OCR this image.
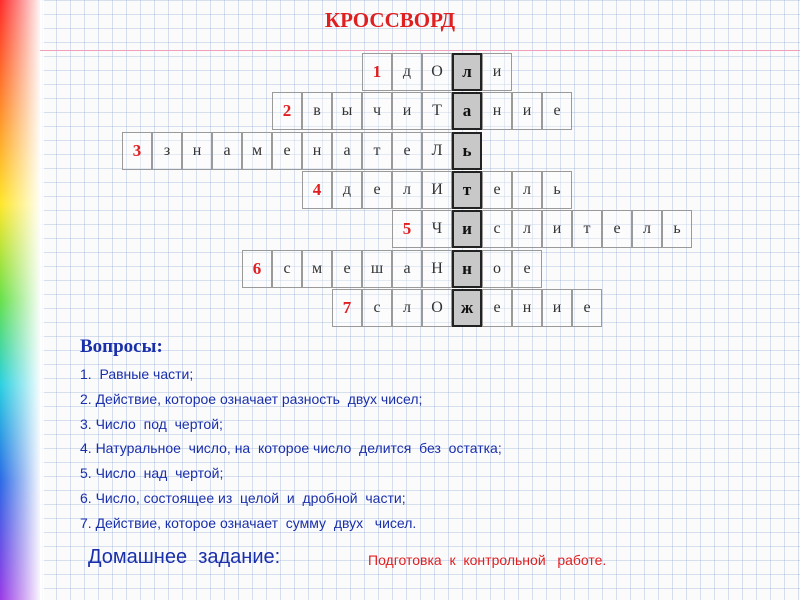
КРОССВОРД
1	д	О	л	и
2	в	ы	ч	и	Т	а	н	и	е
3	з	н	а	м	е	н	а	т	е	Л	ь
4	д	е	л	И	т	е	л	ь
5	Ч	и	с	л	и	т	е	л	ь
6	с	м	е	ш	а	Н	н	о	е
7	с	л	О	ж	е	н	и	е
Вопросы:
1.  Равные части;
2. Действие, которое означает разность  двух чисел;
3. Число  под  чертой;
4. Натуральное  число, на  которое число  делится  без  остатка;
5. Число  над  чертой;
6. Число, состоящее из  целой  и  дробной  части;
7. Действие, которое означает  сумму  двух   чисел.
Домашнее  задание:	Подготовка  к  контрольной   работе.
